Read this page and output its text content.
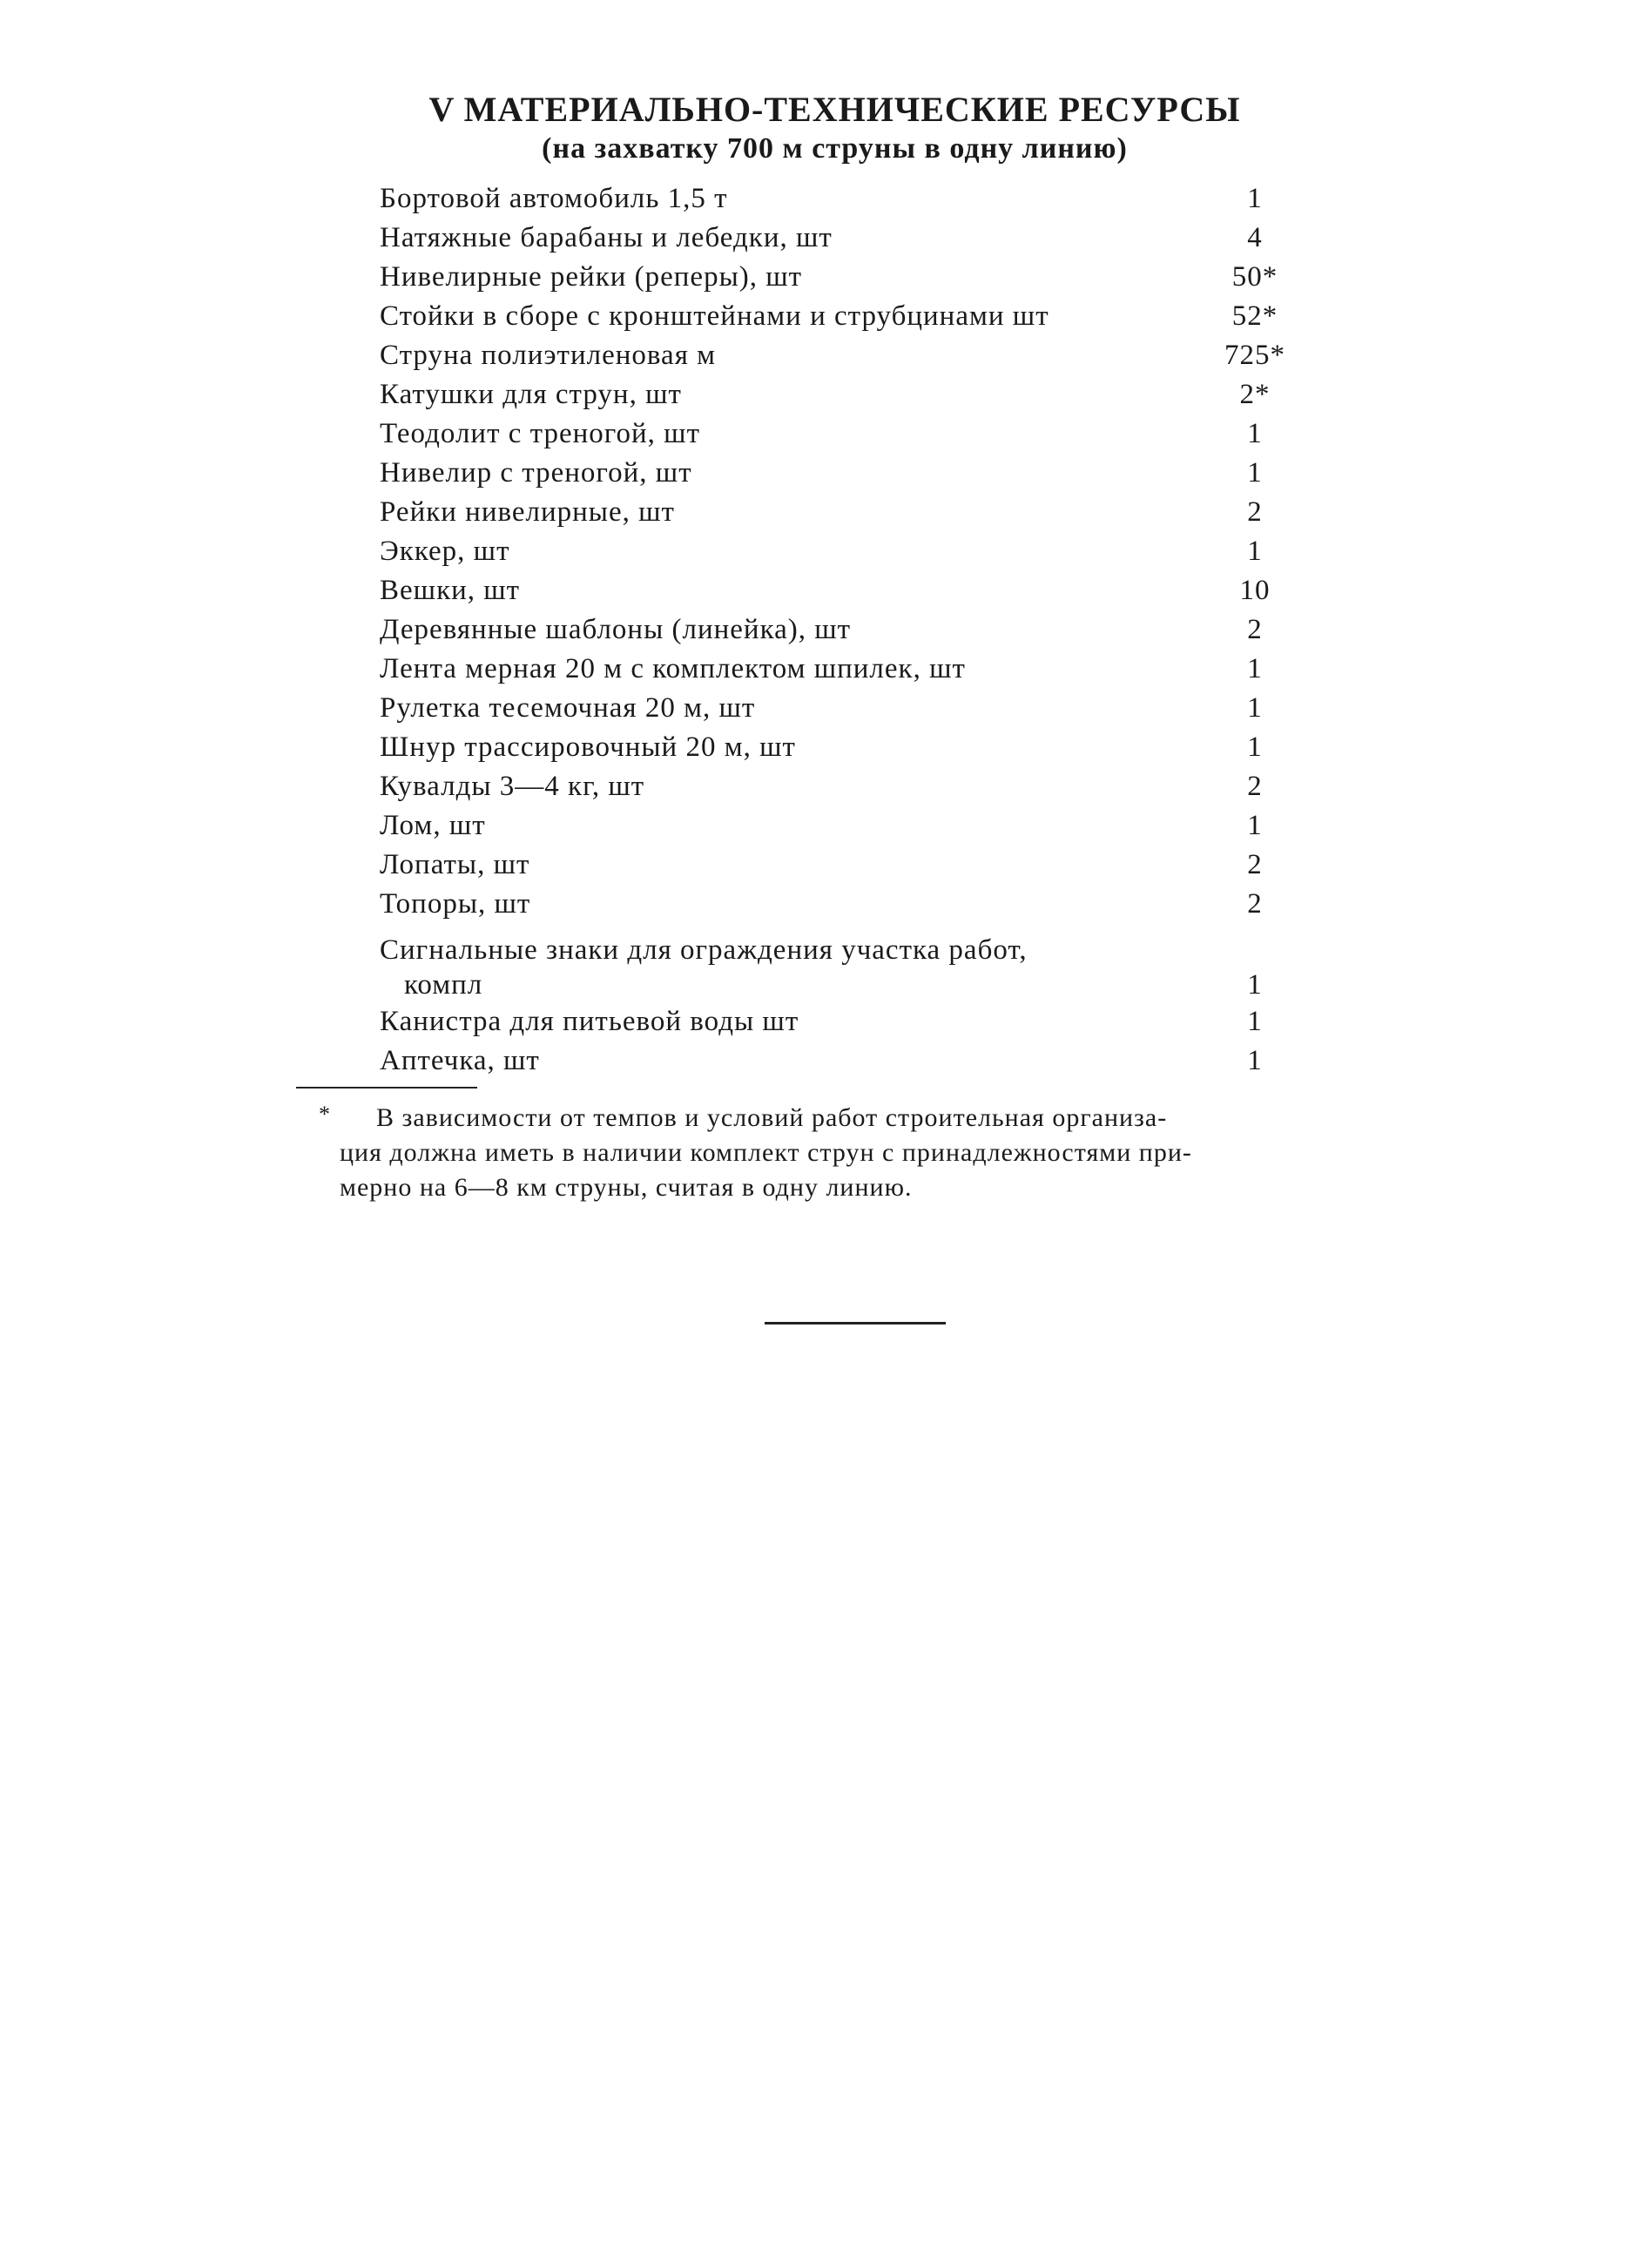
V МАТЕРИАЛЬНО-ТЕХНИЧЕСКИЕ РЕСУРСЫ
(на захватку 700 м струны в одну линию)
Бортовой автомобиль 1,5 т	1
Натяжные барабаны и лебедки, шт	4
Нивелирные рейки (реперы), шт	50*
Стойки в сборе с кронштейнами и струбцинами шт	52*
Струна полиэтиленовая м	725*
Катушки для струн, шт	2*
Теодолит с треногой, шт	1
Нивелир с треногой, шт	1
Рейки нивелирные, шт	2
Эккер, шт	1
Вешки, шт	10
Деревянные шаблоны (линейка), шт	2
Лента мерная 20 м с комплектом шпилек, шт	1
Рулетка тесемочная 20 м, шт	1
Шнур трассировочный 20 м, шт	1
Кувалды 3—4 кг, шт	2
Лом, шт	1
Лопаты, шт	2
Топоры, шт	2
Сигнальные знаки для ограждения участка работ,
компл	1
Канистра для питьевой воды шт	1
Аптечка, шт	1
*	В зависимости от темпов и условий работ строительная организа-
ция должна иметь в наличии комплект струн с принадлежностями при-
мерно на 6—8 км струны, считая в одну линию.
